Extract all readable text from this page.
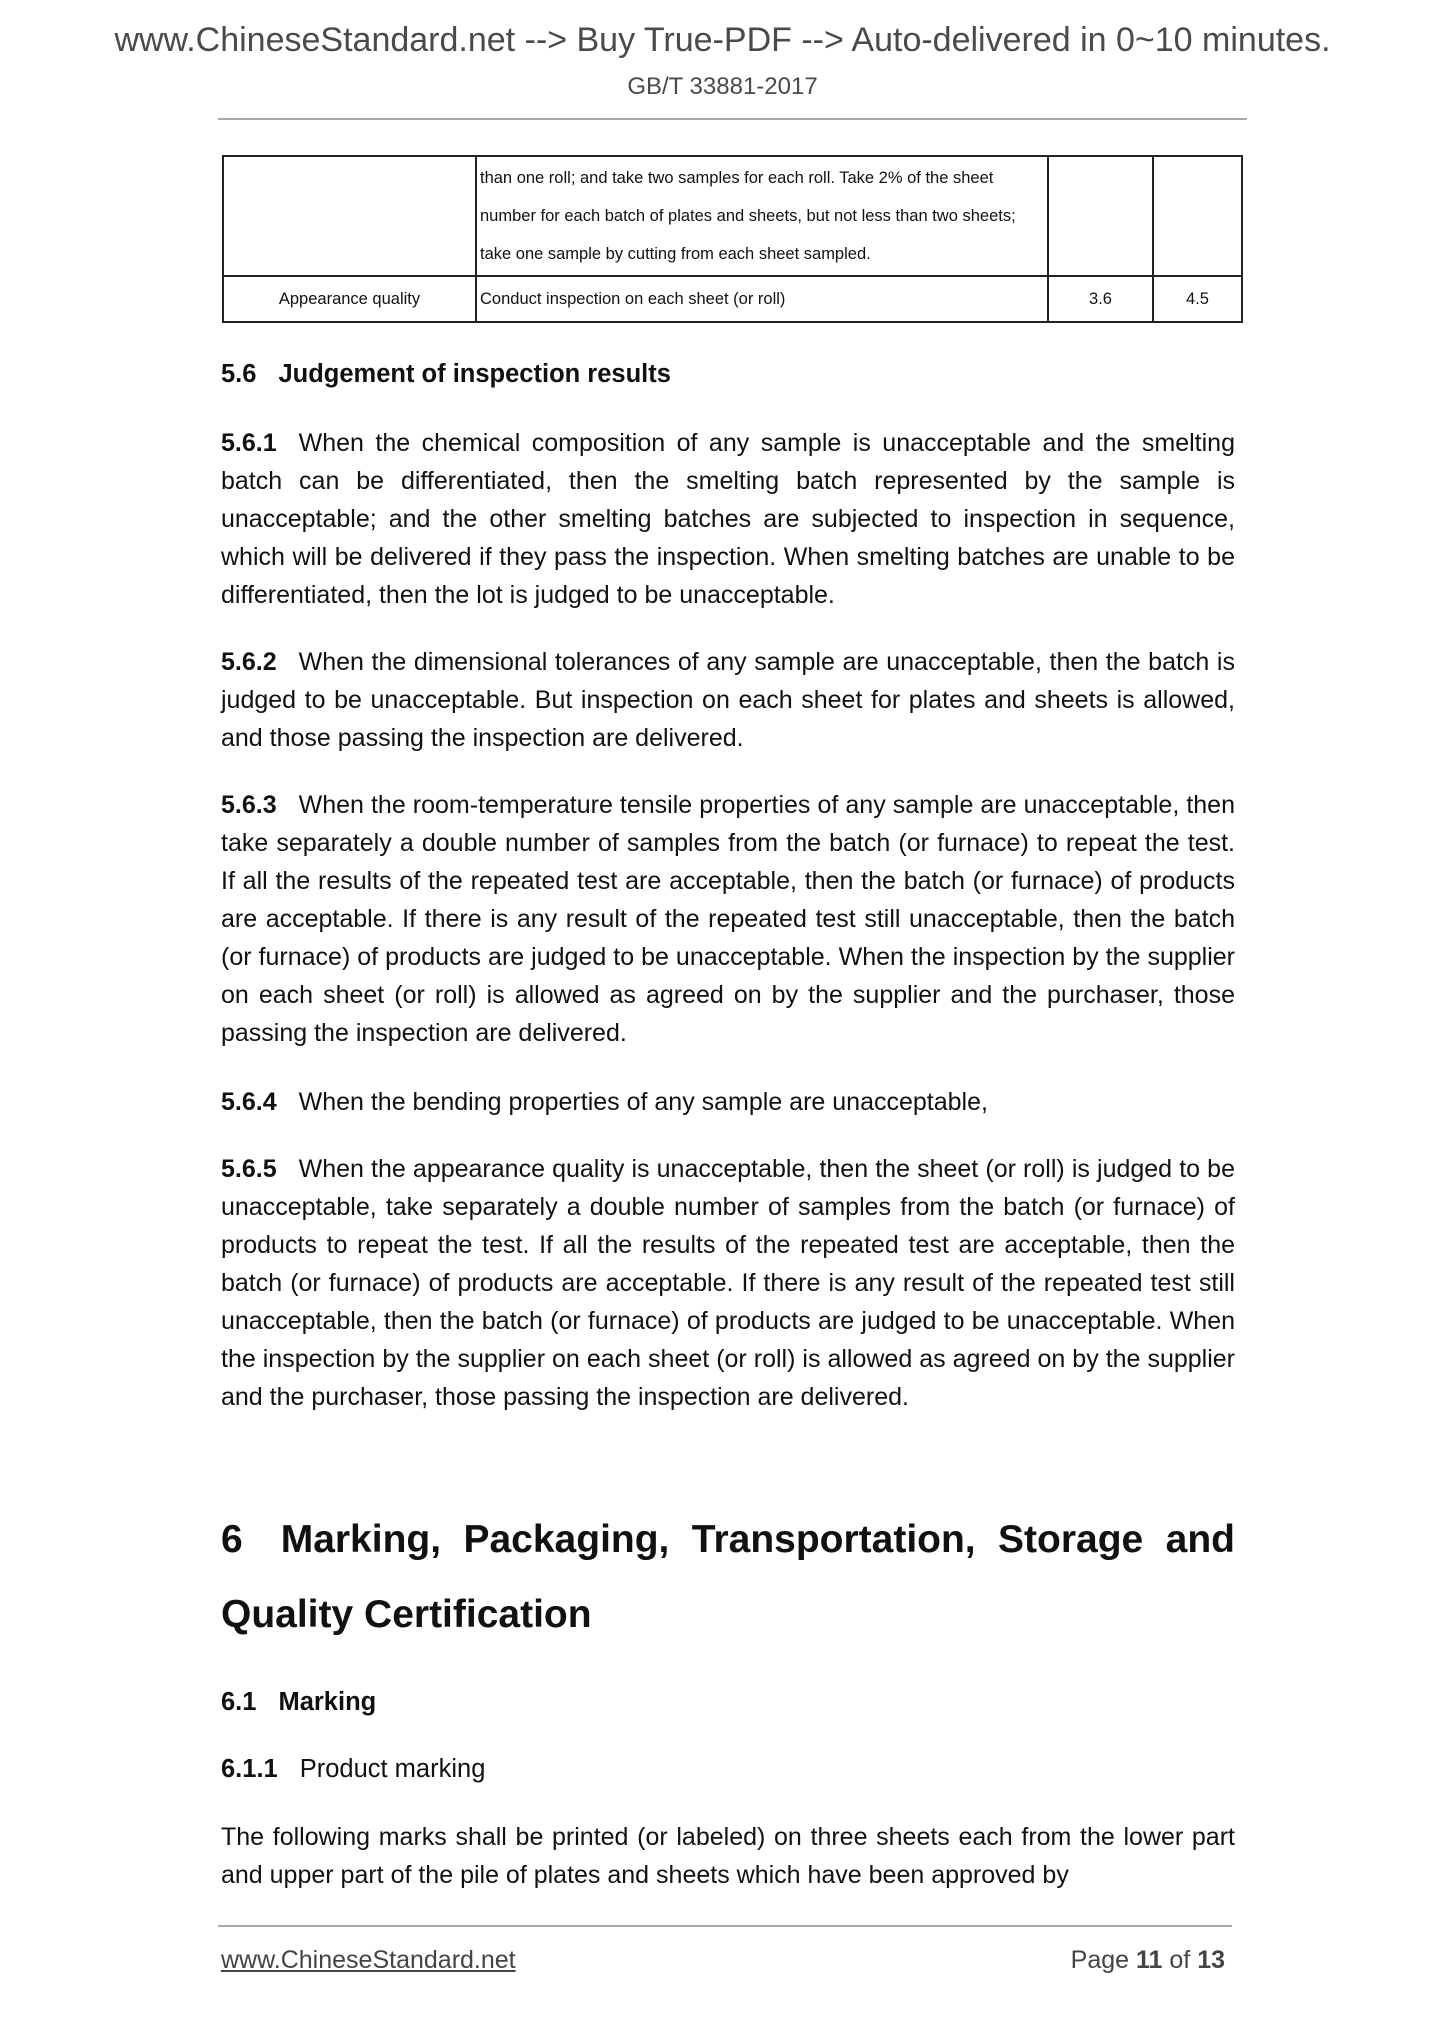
www.ChineseStandard.net --> Buy True-PDF --> Auto-delivered in 0~10 minutes.
GB/T 33881-2017

	than one roll; and take two samples for each roll. Take 2% of the sheet
number for each batch of plates and sheets, but not less than two sheets;
take one sample by cutting from each sheet sampled.		

Appearance quality	Conduct inspection on each sheet (or roll)	3.6	4.5
5.6 Judgement of inspection results
5.6.1 When the chemical composition of any sample is unacceptable and the smelting batch can be differentiated, then the smelting batch represented by the sample is unacceptable; and the other smelting batches are subjected to inspection in sequence, which will be delivered if they pass the inspection. When smelting batches are unable to be differentiated, then the lot is judged to be unacceptable.
5.6.2 When the dimensional tolerances of any sample are unacceptable, then the batch is judged to be unacceptable. But inspection on each sheet for plates and sheets is allowed, and those passing the inspection are delivered.
5.6.3 When the room-temperature tensile properties of any sample are unacceptable, then take separately a double number of samples from the batch (or furnace) to repeat the test. If all the results of the repeated test are acceptable, then the batch (or furnace) of products are acceptable. If there is any result of the repeated test still unacceptable, then the batch (or furnace) of products are judged to be unacceptable. When the inspection by the supplier on each sheet (or roll) is allowed as agreed on by the supplier and the purchaser, those passing the inspection are delivered.
5.6.4 When the bending properties of any sample are unacceptable,
5.6.5 When the appearance quality is unacceptable, then the sheet (or roll) is judged to be unacceptable, take separately a double number of samples from the batch (or furnace) of products to repeat the test. If all the results of the repeated test are acceptable, then the batch (or furnace) of products are acceptable. If there is any result of the repeated test still unacceptable, then the batch (or furnace) of products are judged to be unacceptable. When the inspection by the supplier on each sheet (or roll) is allowed as agreed on by the supplier and the purchaser, those passing the inspection are delivered.
6 Marking, Packaging, Transportation, Storage and Quality Certification
6.1 Marking
6.1.1 Product marking
The following marks shall be printed (or labeled) on three sheets each from the lower part and upper part of the pile of plates and sheets which have been approved by
www.ChineseStandard.net	Page 11 of 13
